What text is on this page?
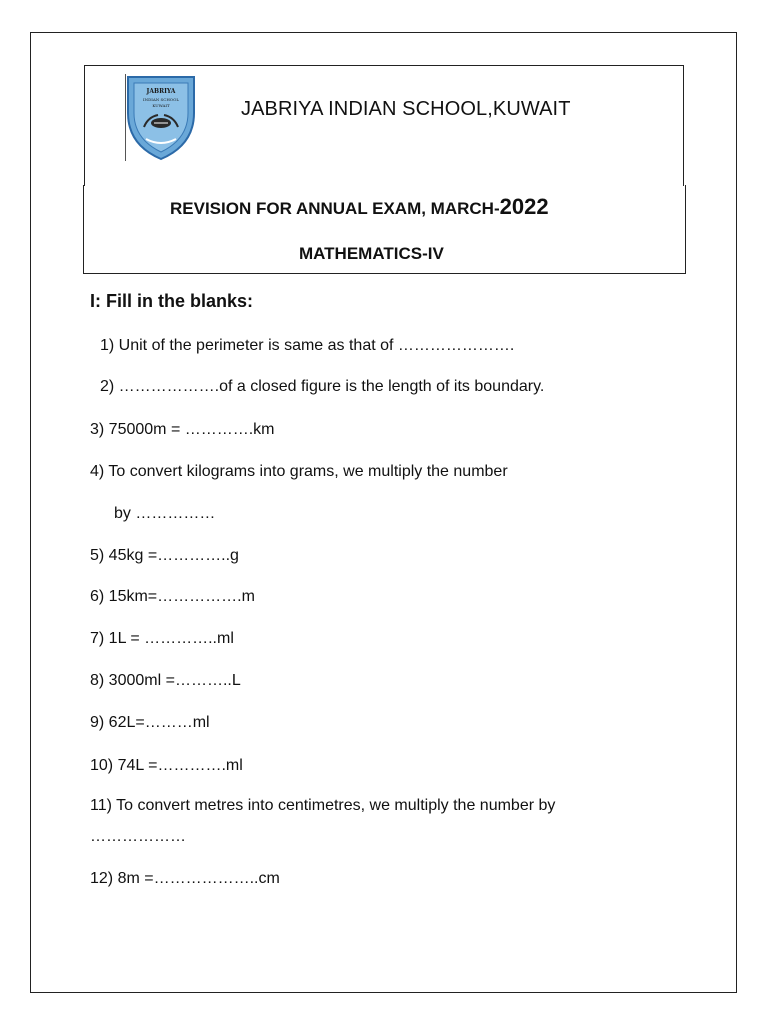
JABRIYA
INDIAN SCHOOL
KUWAIT	JABRIYA INDIAN SCHOOL,KUWAIT
REVISION FOR ANNUAL EXAM, MARCH-2022
MATHEMATICS-IV
I: Fill in the blanks:
1) Unit of the perimeter is same as that of ………………….
2) ……………….of a closed figure is the length of its boundary.
3) 75000m = ………….km
4) To convert kilograms into grams, we multiply the number
by ……………
5) 45kg =…………..g
6) 15km=…………….m
7) 1L = …………..ml
8) 3000ml =………..L
9) 62L=………ml
10) 74L =………….ml
11) To convert metres into centimetres, we multiply the number by
………………
12) 8m =………………..cm
